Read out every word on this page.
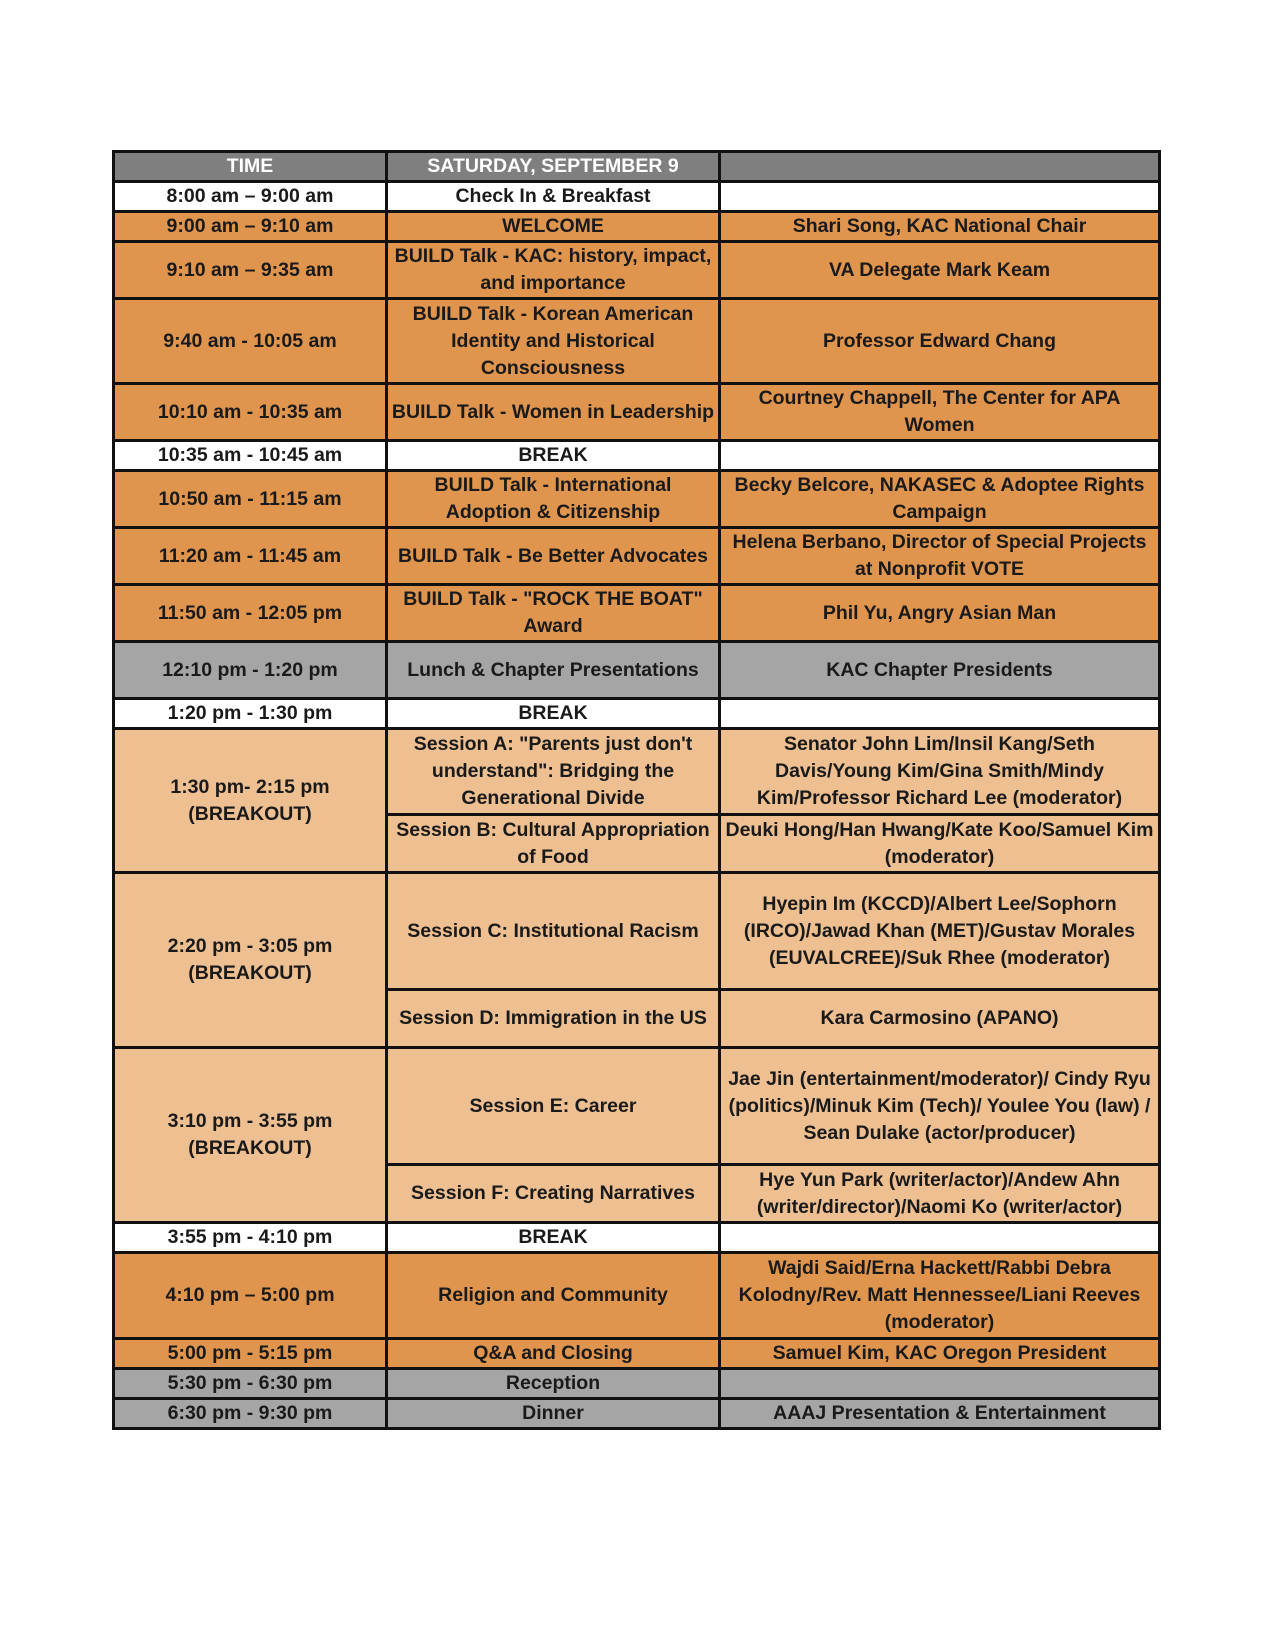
TIME	SATURDAY, SEPTEMBER 9	
8:00 am – 9:00 am	Check In & Breakfast	
9:00 am – 9:10 am	WELCOME	Shari Song, KAC National Chair
9:10 am – 9:35 am	BUILD Talk - KAC: history, impact, and importance	VA Delegate Mark Keam
9:40 am - 10:05 am	BUILD Talk - Korean American Identity and Historical Consciousness	Professor Edward Chang
10:10 am - 10:35 am	BUILD Talk - Women in Leadership	Courtney Chappell, The Center for APA Women
10:35 am - 10:45 am	BREAK	
10:50 am - 11:15 am	BUILD Talk - International Adoption & Citizenship	Becky Belcore, NAKASEC & Adoptee Rights Campaign
11:20 am - 11:45 am	BUILD Talk - Be Better Advocates	Helena Berbano, Director of Special Projects at Nonprofit VOTE
11:50 am - 12:05 pm	BUILD Talk - "ROCK THE BOAT" Award	Phil Yu, Angry Asian Man
12:10 pm - 1:20 pm	Lunch & Chapter Presentations	KAC Chapter Presidents
1:20 pm - 1:30 pm	BREAK	
1:30 pm- 2:15 pm (BREAKOUT)	Session A: "Parents just don't understand": Bridging the Generational Divide	Senator John Lim/Insil Kang/Seth Davis/Young Kim/Gina Smith/Mindy Kim/Professor Richard Lee (moderator)
	Session B: Cultural Appropriation of Food	Deuki Hong/Han Hwang/Kate Koo/Samuel Kim (moderator)
2:20 pm - 3:05 pm (BREAKOUT)	Session C: Institutional Racism	Hyepin Im (KCCD)/Albert Lee/Sophorn (IRCO)/Jawad Khan (MET)/Gustav Morales (EUVALCREE)/Suk Rhee (moderator)
	Session D: Immigration in the US	Kara Carmosino (APANO)
3:10 pm - 3:55 pm (BREAKOUT)	Session E: Career	Jae Jin (entertainment/moderator)/ Cindy Ryu (politics)/Minuk Kim (Tech)/ Youlee You (law) / Sean Dulake (actor/producer)
	Session F: Creating Narratives	Hye Yun Park (writer/actor)/Andew Ahn (writer/director)/Naomi Ko (writer/actor)
3:55 pm - 4:10 pm	BREAK	
4:10 pm – 5:00 pm	Religion and Community	Wajdi Said/Erna Hackett/Rabbi Debra Kolodny/Rev. Matt Hennessee/Liani Reeves (moderator)
5:00 pm - 5:15 pm	Q&A and Closing	Samuel Kim, KAC Oregon President
5:30 pm - 6:30 pm	Reception	
6:30 pm - 9:30 pm	Dinner	AAAJ Presentation & Entertainment
